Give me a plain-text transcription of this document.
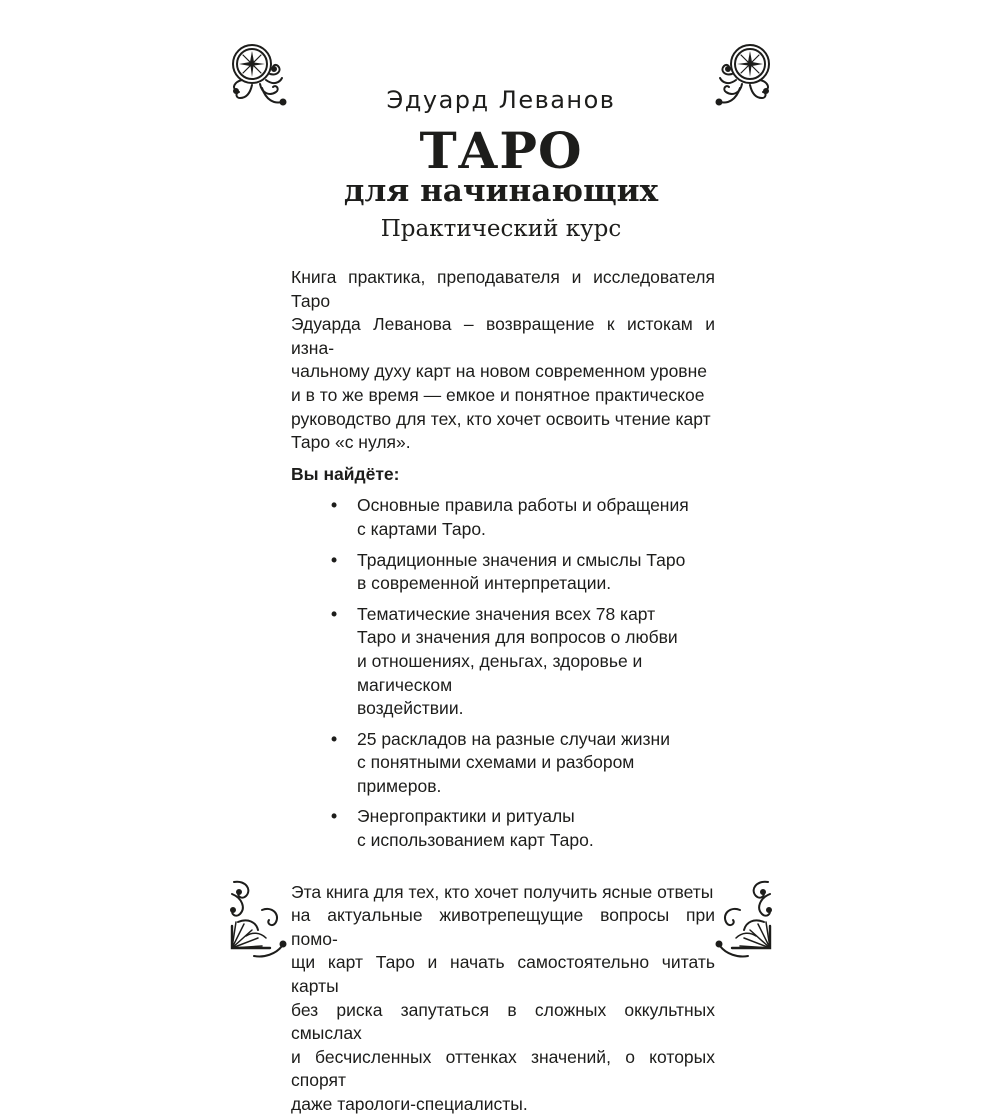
Эдуард Леванов
ТАРО
для начинающих
Практический курс

Книга практика, преподавателя и исследователя Таро
Эдуарда Леванова – возвращение к истокам и изна-
чальному духу карт на новом современном уровне
и в то же время — емкое и понятное практическое
руководство для тех, кто хочет освоить чтение карт
Таро «с нуля».

Вы найдёте:

• Основные правила работы и обращения
с картами Таро.
• Традиционные значения и смыслы Таро
в современной интерпретации.
• Тематические значения всех 78 карт
Таро и значения для вопросов о любви
и отношениях, деньгах, здоровье и магическом
воздействии.
• 25 раскладов на разные случаи жизни
с понятными схемами и разбором примеров.
• Энергопрактики и ритуалы
с использованием карт Таро.

Эта книга для тех, кто хочет получить ясные ответы
на актуальные животрепещущие вопросы при помо-
щи карт Таро и начать самостоятельно читать карты
без риска запутаться в сложных оккультных смыслах
и бесчисленных оттенках значений, о которых спорят
даже тарологи-специалисты.
